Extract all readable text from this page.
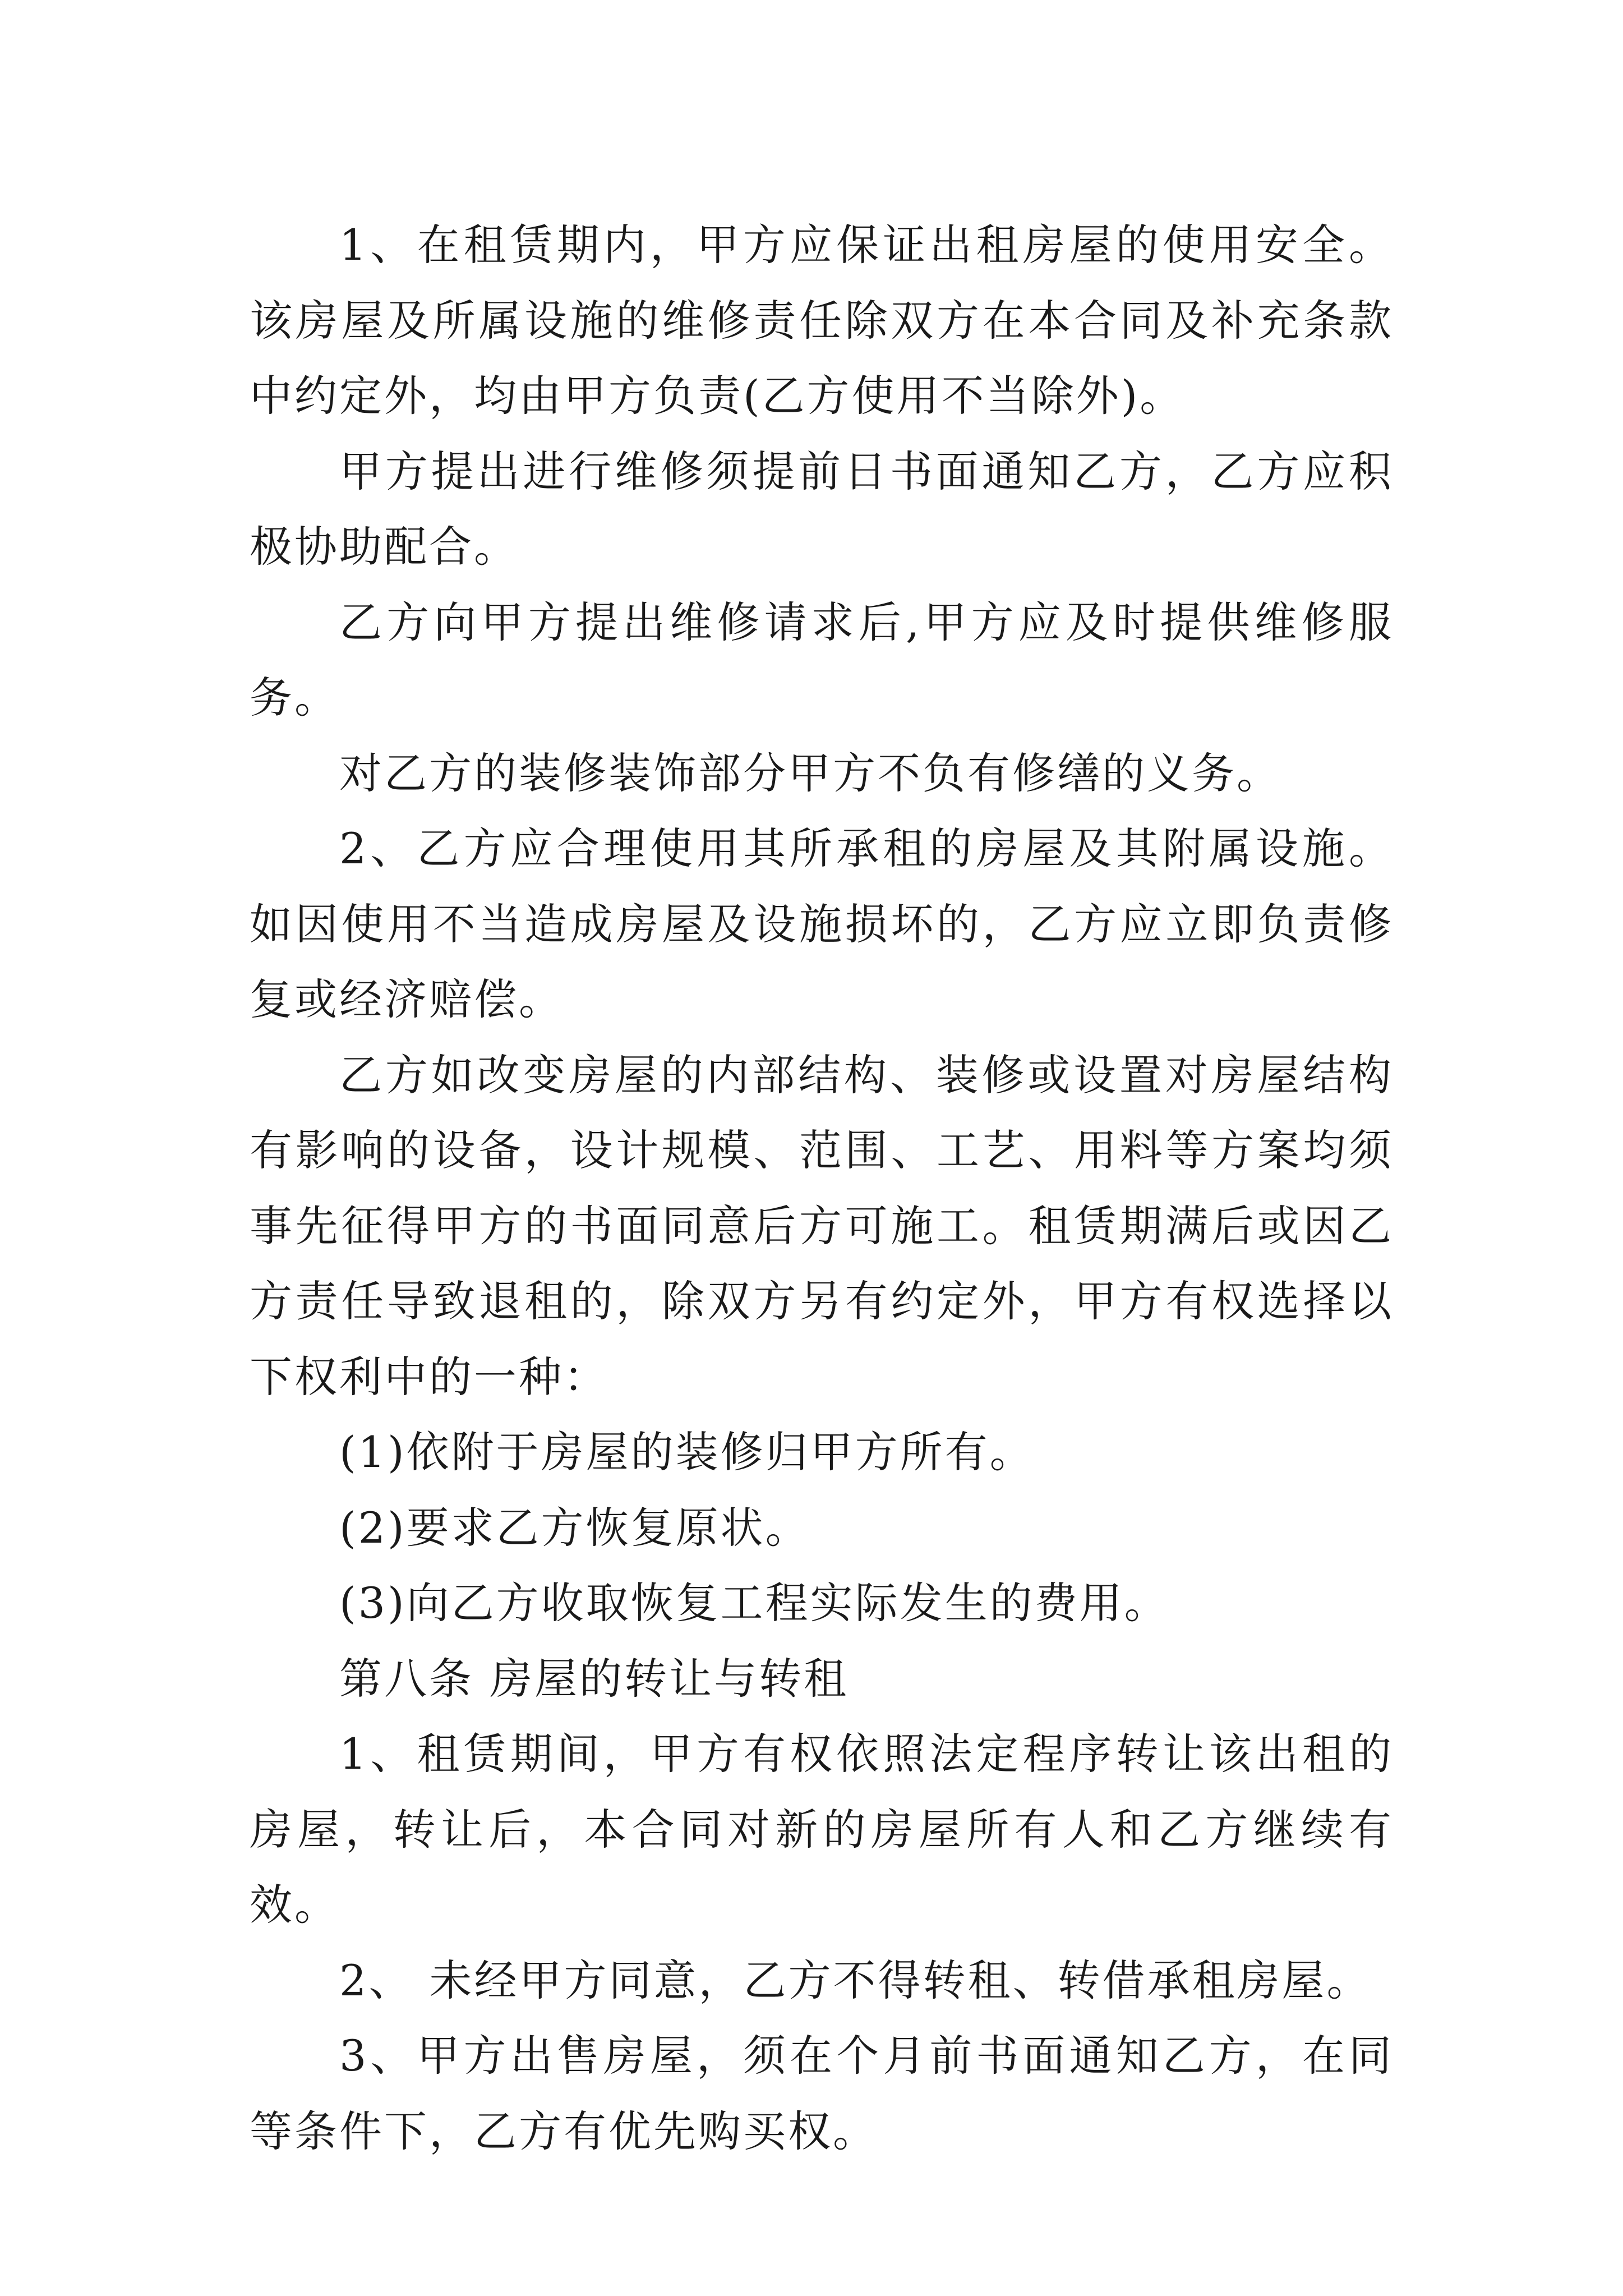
1、在租赁期内，甲方应保证出租房屋的使用安全。该房屋及所属设施的维修责任除双方在本合同及补充条款中约定外，均由甲方负责(乙方使用不当除外)。

甲方提出进行维修须提前日书面通知乙方，乙方应积极协助配合。

乙方向甲方提出维修请求后,甲方应及时提供维修服务。

对乙方的装修装饰部分甲方不负有修缮的义务。

2、乙方应合理使用其所承租的房屋及其附属设施。如因使用不当造成房屋及设施损坏的，乙方应立即负责修复或经济赔偿。

乙方如改变房屋的内部结构、装修或设置对房屋结构有影响的设备，设计规模、范围、工艺、用料等方案均须事先征得甲方的书面同意后方可施工。租赁期满后或因乙方责任导致退租的，除双方另有约定外，甲方有权选择以下权利中的一种：

(1)依附于房屋的装修归甲方所有。

(2)要求乙方恢复原状。

(3)向乙方收取恢复工程实际发生的费用。

第八条 房屋的转让与转租

1、租赁期间，甲方有权依照法定程序转让该出租的房屋，转让后，本合同对新的房屋所有人和乙方继续有效。

2、 未经甲方同意，乙方不得转租、转借承租房屋。

3、甲方出售房屋，须在个月前书面通知乙方，在同等条件下，乙方有优先购买权。
